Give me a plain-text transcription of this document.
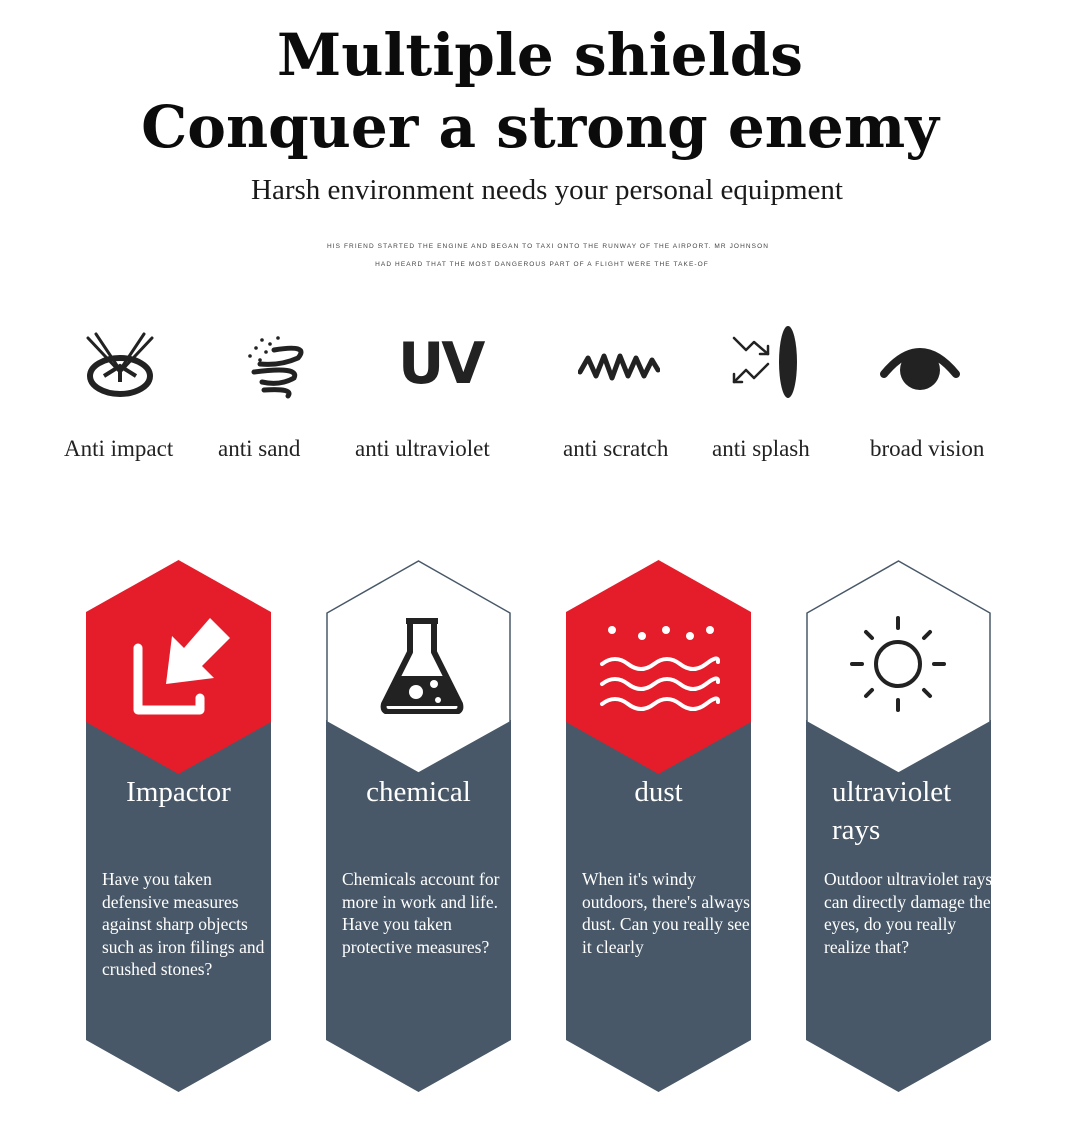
Multiple shields
Conquer a strong enemy
Harsh environment needs your personal equipment
HIS FRIEND STARTED THE ENGINE AND BEGAN TO TAXI ONTO THE RUNWAY OF THE AIRPORT. MR JOHNSON
HAD HEARD THAT THE MOST DANGEROUS PART OF A FLIGHT WERE THE TAKE-OF
UV
Anti impact anti sand anti ultraviolet	anti scratch anti splash	broad vision
Impactor
Have you taken defensive measures against sharp objects such as iron filings and crushed stones?
chemical
Chemicals account for more in work and life. Have you taken protective measures?
dust
When it's windy outdoors, there's always dust. Can you really see it clearly
ultraviolet rays
Outdoor ultraviolet rays can directly damage the eyes, do you really realize that?
